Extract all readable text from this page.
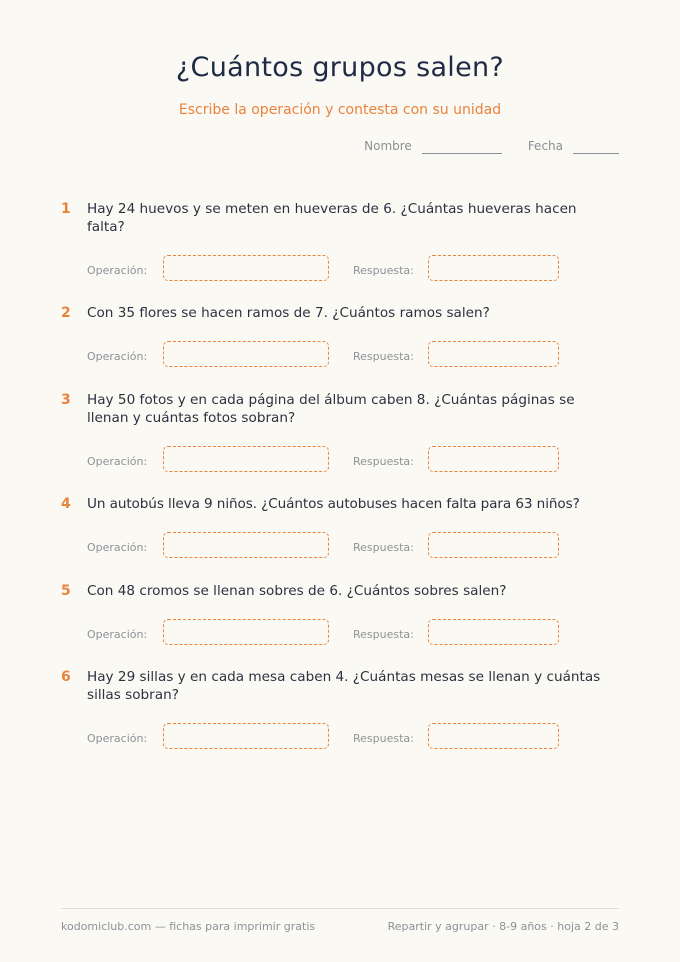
¿Cuántos grupos salen?
Escribe la operación y contesta con su unidad
Nombre
	Fecha

1	Hay 24 huevos y se meten en hueveras de 6. ¿Cuántas hueveras hacen falta?
Operación:	Respuesta:
2	Con 35 flores se hacen ramos de 7. ¿Cuántos ramos salen?
Operación:	Respuesta:
3	Hay 50 fotos y en cada página del álbum caben 8. ¿Cuántas páginas se llenan y cuántas fotos sobran?
Operación:	Respuesta:
4	Un autobús lleva 9 niños. ¿Cuántos autobuses hacen falta para 63 niños?
Operación:	Respuesta:
5	Con 48 cromos se llenan sobres de 6. ¿Cuántos sobres salen?
Operación:	Respuesta:
6	Hay 29 sillas y en cada mesa caben 4. ¿Cuántas mesas se llenan y cuántas sillas sobran?
Operación:	Respuesta:
kodomiclub.com — fichas para imprimir gratis	Repartir y agrupar · 8-9 años · hoja 2 de 3
